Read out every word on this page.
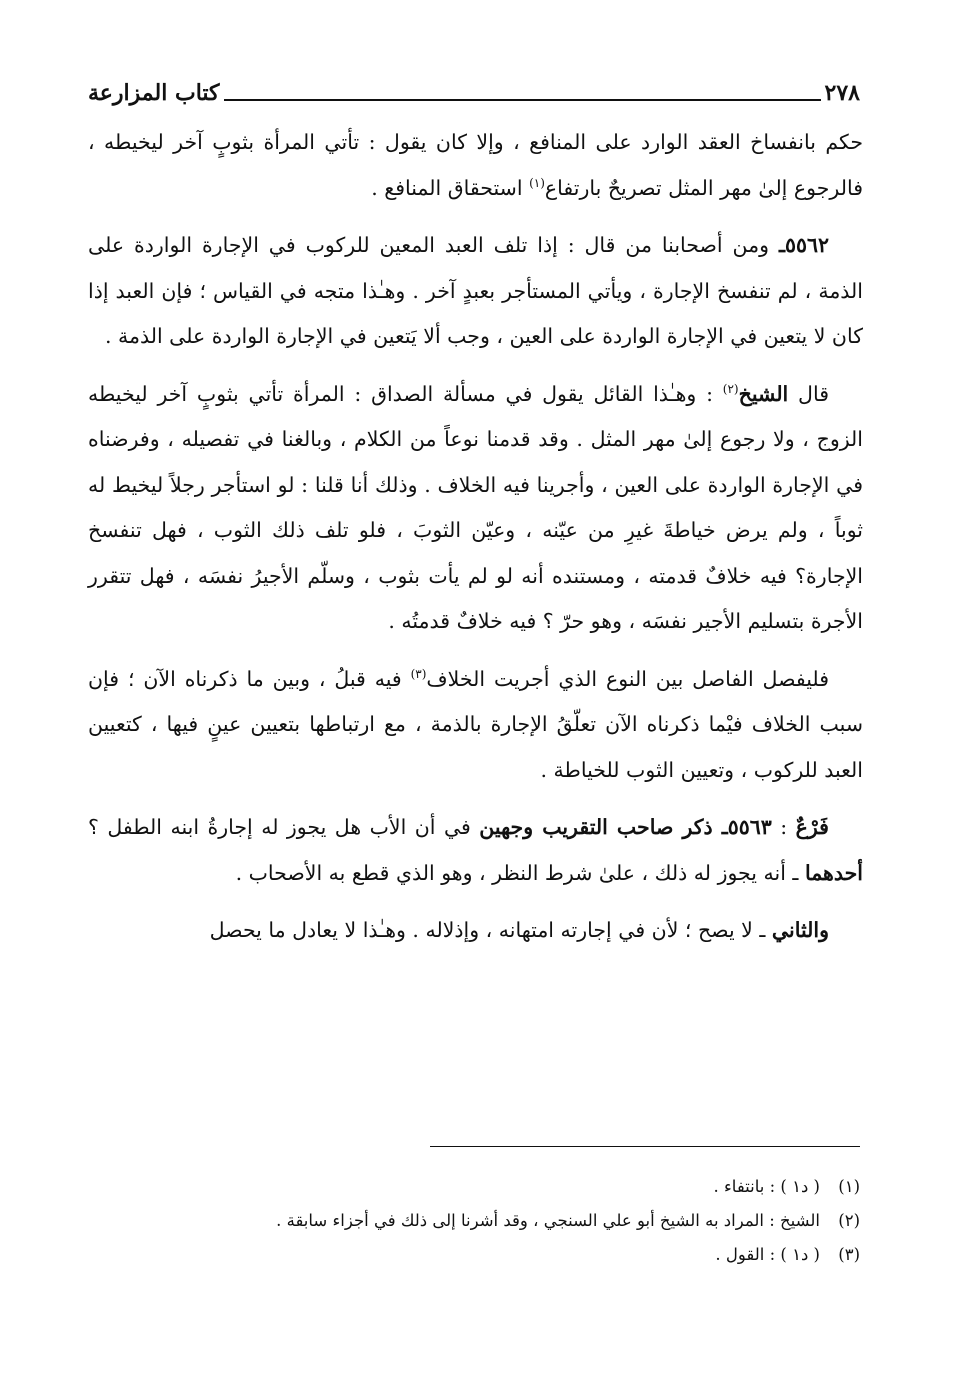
٢٧٨
كتاب المزارعة

حكم بانفساخ العقد الوارد على المنافع ، وإلا كان يقول : تأتي المرأة بثوبٍ آخر ليخيطه ، فالرجوع إلىٰ مهر المثل تصريحٌ بارتفاع$^{(١)}$ استحقاق المنافع .

٥٥٦٢ـ ومن أصحابنا من قال : إذا تلف العبد المعين للركوب في الإجارة الواردة على الذمة ، لم تنفسخ الإجارة ، ويأتي المستأجر بعبدٍ آخر . وهـٰذا متجه في القياس ؛ فإن العبد إذا كان لا يتعين في الإجارة الواردة على العين ، وجب ألا يَتعين في الإجارة الواردة على الذمة .

قال الشيخ$^{(٢)}$ : وهـٰذا القائل يقول في مسألة الصداق : المرأة تأتي بثوبٍ آخر ليخيطه الزوج ، ولا رجوع إلىٰ مهر المثل . وقد قدمنا نوعاً من الكلام ، وبالغنا في تفصيله ، وفرضناه في الإجارة الواردة على العين ، وأجرينا فيه الخلاف . وذلك أنا قلنا : لو استأجر رجلاً ليخيط له ثوباً ، ولم يرض خياطةَ غيرِ من عيّنه ، وعيّن الثوبَ ، فلو تلف ذلك الثوب ، فهل تنفسخ الإجارة؟ فيه خلافٌ قدمته ، ومستنده أنه لو لم يأت بثوب ، وسلّم الأجيرُ نفسَه ، فهل تتقرر الأجرة بتسليم الأجير نفسَه ، وهو حرّ ؟ فيه خلافٌ قدمتُه .

فليفصل الفاصل بين النوع الذي أجريت الخلاف$^{(٣)}$ فيه قبلُ ، وبين ما ذكرناه الآن ؛ فإن سبب الخلاف فيْما ذكرناه الآن تعلّقُ الإجارة بالذمة ، مع ارتباطها بتعيين عينٍ فيها ، كتعيين العبد للركوب ، وتعيين الثوب للخياطة .

فَرْعٌ : ٥٥٦٣ـ ذكر صاحب التقريب وجهين في أن الأب هل يجوز له إجارةُ ابنه الطفل ؟ أحدهما ـ أنه يجوز له ذلك ، علىٰ شرط النظر ، وهو الذي قطع به الأصحاب .

والثاني ـ لا يصح ؛ لأن في إجارته امتهانه ، وإذلاله . وهـٰذا لا يعادل ما يحصل

(١)
( د١ ) : بانتفاء .
(٢)
الشيخ : المراد به الشيخ أبو علي السنجي ، وقد أشرنا إلى ذلك في أجزاء سابقة .
(٣)
( د١ ) : القول .
